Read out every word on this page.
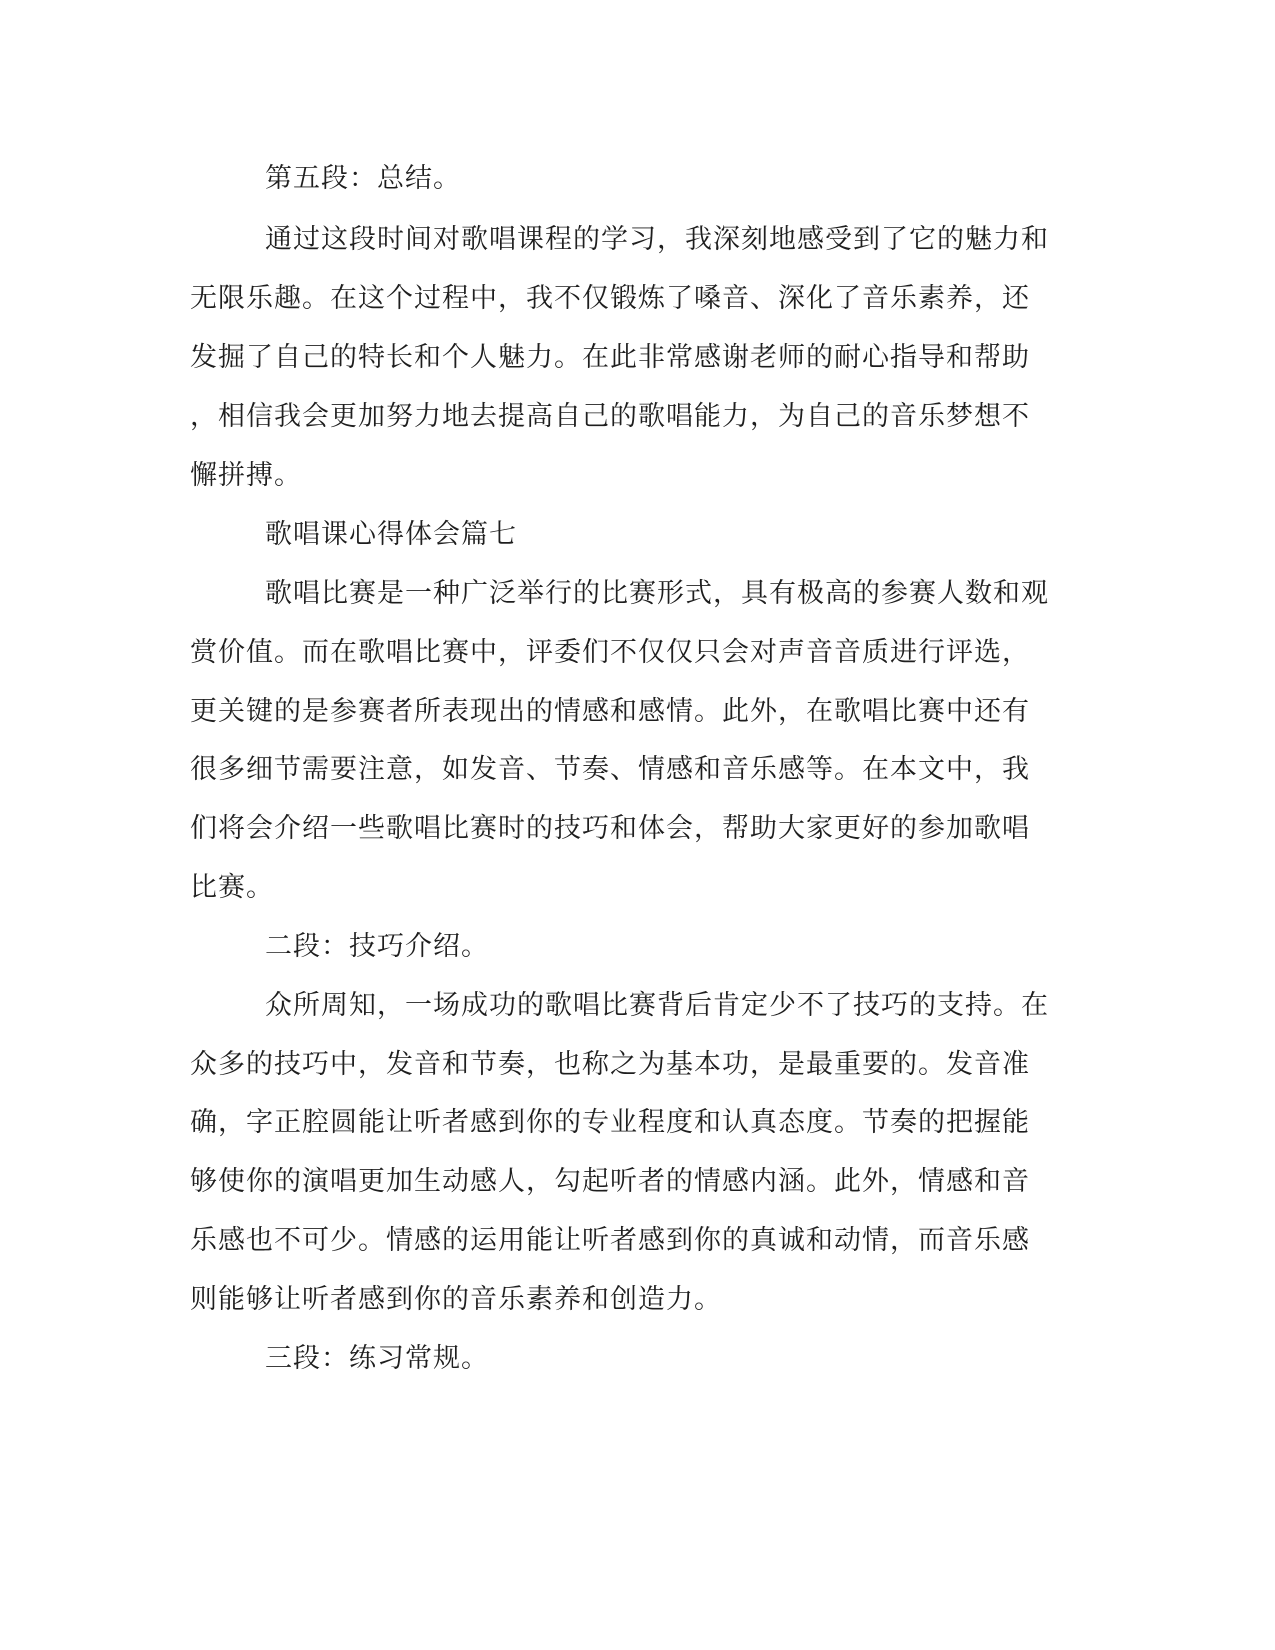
第五段：总结。
通过这段时间对歌唱课程的学习，我深刻地感受到了它的魅力和
无限乐趣。在这个过程中，我不仅锻炼了嗓音、深化了音乐素养，还
发掘了自己的特长和个人魅力。在此非常感谢老师的耐心指导和帮助
，相信我会更加努力地去提高自己的歌唱能力，为自己的音乐梦想不
懈拼搏。
歌唱课心得体会篇七
歌唱比赛是一种广泛举行的比赛形式，具有极高的参赛人数和观
赏价值。而在歌唱比赛中，评委们不仅仅只会对声音音质进行评选，
更关键的是参赛者所表现出的情感和感情。此外，在歌唱比赛中还有
很多细节需要注意，如发音、节奏、情感和音乐感等。在本文中，我
们将会介绍一些歌唱比赛时的技巧和体会，帮助大家更好的参加歌唱
比赛。
二段：技巧介绍。
众所周知，一场成功的歌唱比赛背后肯定少不了技巧的支持。在
众多的技巧中，发音和节奏，也称之为基本功，是最重要的。发音准
确，字正腔圆能让听者感到你的专业程度和认真态度。节奏的把握能
够使你的演唱更加生动感人，勾起听者的情感内涵。此外，情感和音
乐感也不可少。情感的运用能让听者感到你的真诚和动情，而音乐感
则能够让听者感到你的音乐素养和创造力。
三段：练习常规。
